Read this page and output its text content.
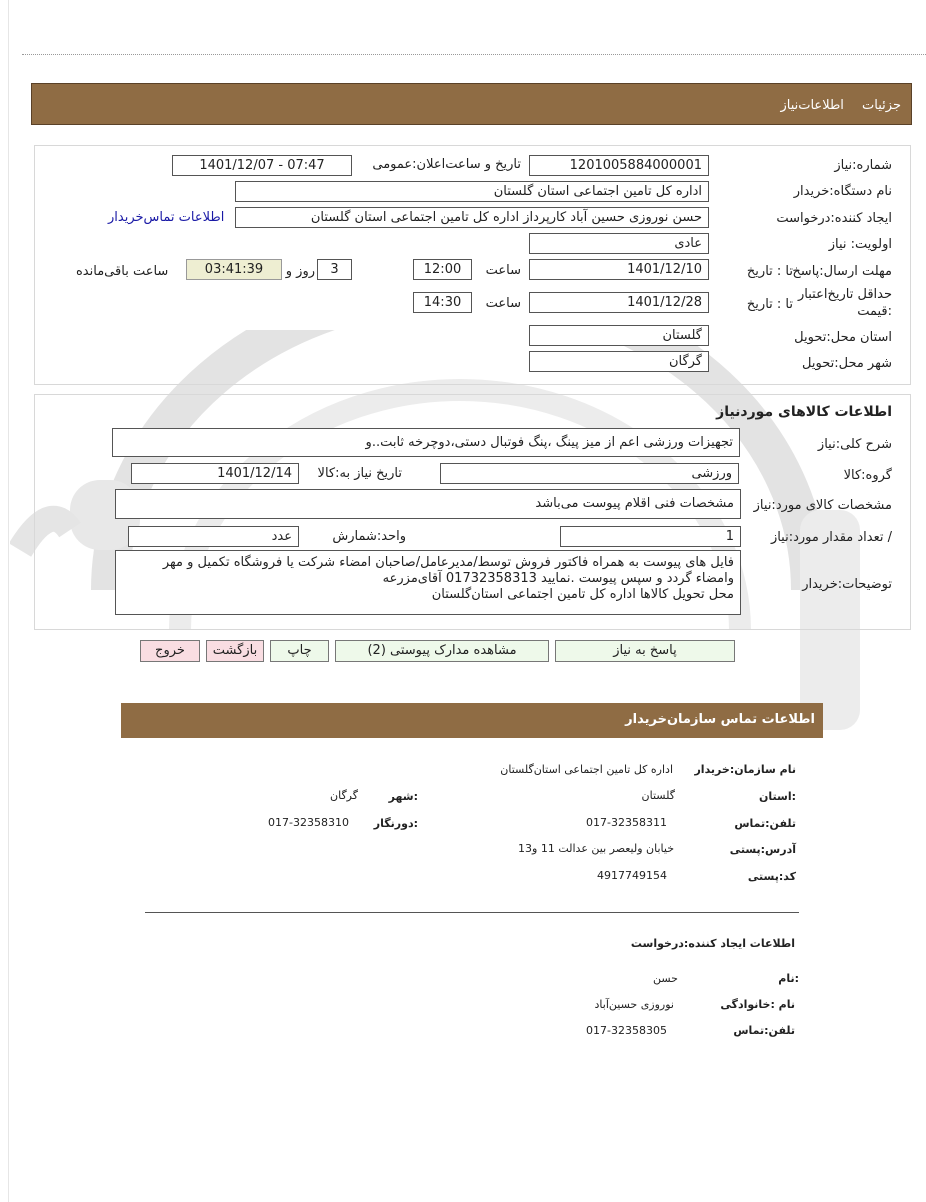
جزئیات اطلاعات‌نیاز
شماره:نیاز
1201005884000001
تاریخ و ساعت‌اعلان:عمومی
1401/12/07 - 07:47
نام دستگاه:خریدار
اداره کل تامین اجتماعی استان گلستان
ایجاد کننده:درخواست
حسن نوروزی حسین آباد کارپرداز اداره کل تامین اجتماعی استان گلستان
اطلاعات تماس‌خریدار
اولویت: نیاز
عادی
مهلت ارسال:پاسخ
تا : تاریخ
1401/12/10
ساعت
12:00
3
روز و
03:41:39
ساعت باقی‌مانده
حداقل تاریخ‌اعتبار
:قیمت
تا : تاریخ
1401/12/28
ساعت
14:30
استان محل:تحویل
گلستان
شهر محل:تحویل
گرگان
اطلاعات کالاهای موردنیاز
شرح کلی:نیاز
تجهیزات ورزشی اعم از میز پینگ ،پنگ فوتبال دستی،دوچرخه ثابت..و
گروه:کالا
ورزشی
تاریخ نیاز به:کالا
1401/12/14
مشخصات کالای مورد:نیاز
مشخصات فنی اقلام پیوست می‌باشد
/ تعداد مقدار مورد:نیاز
1
واحد:شمارش
عدد
توضیحات:خریدار
فایل های پیوست به همراه فاکتور فروش توسط/مدیرعامل/صاحبان امضاء شرکت یا فروشگاه تکمیل و مهر
وامضاء گردد و سپس پیوست .نمایید 01732358313 آقای‌مزرعه
محل تحویل کالاها اداره کل تامین اجتماعی استان‌گلستان
پاسخ به نیاز
مشاهده مدارک پیوستی (2)
چاپ
بازگشت
خروج
اطلاعات تماس سازمان‌خریدار
نام سازمان:خریدار
اداره کل تامین اجتماعی استان‌گلستان
:استان
گلستان
:شهر
گرگان
تلفن:تماس
017-32358311
:دورنگار
017-32358310
آدرس:پستی
خیابان ولیعصر بین عدالت 11 و13
کد:پستی
4917749154
اطلاعات ایجاد کننده:درخواست
:نام
حسن
نام :خانوادگی
نوروزی حسین‌آباد
تلفن:تماس
017-32358305
